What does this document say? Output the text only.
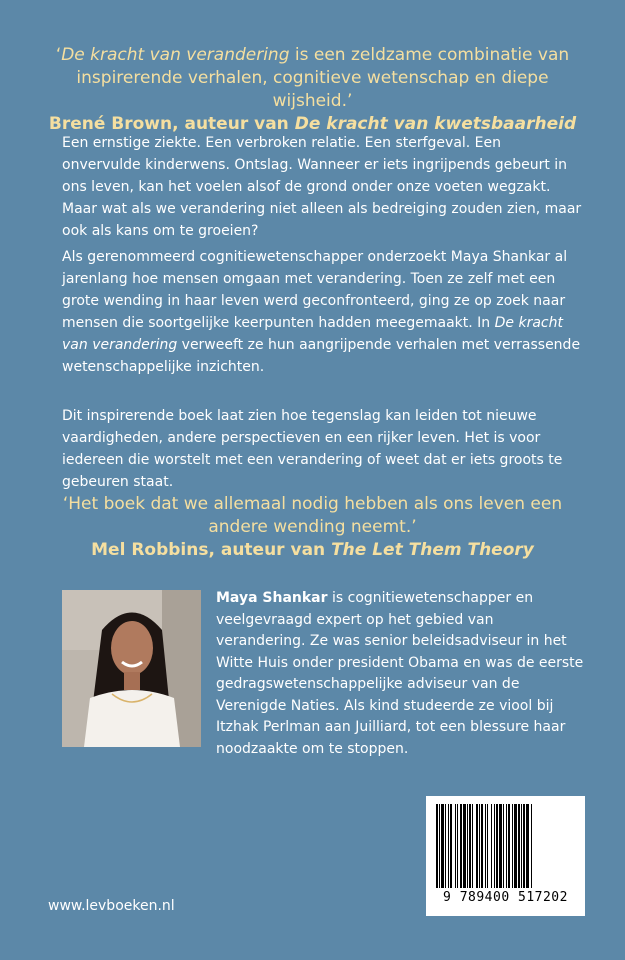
‘De kracht van verandering is een zeldzame combinatie van inspirerende verhalen, cognitieve wetenschap en diepe wijsheid.’
Brené Brown, auteur van De kracht van kwetsbaarheid
Een ernstige ziekte. Een verbroken relatie. Een sterfgeval. Een onvervulde kinderwens. Ontslag. Wanneer er iets ingrijpends gebeurt in ons leven, kan het voelen alsof de grond onder onze voeten wegzakt. Maar wat als we verandering niet alleen als bedreiging zouden zien, maar ook als kans om te groeien?
Als gerenommeerd cognitiewetenschapper onderzoekt Maya Shankar al jarenlang hoe mensen omgaan met verandering. Toen ze zelf met een grote wending in haar leven werd geconfronteerd, ging ze op zoek naar mensen die soortgelijke keerpunten hadden meegemaakt. In De kracht van verandering verweeft ze hun aangrijpende verhalen met verrassende wetenschappelijke inzichten.
Dit inspirerende boek laat zien hoe tegenslag kan leiden tot nieuwe vaardigheden, andere perspectieven en een rijker leven. Het is voor iedereen die worstelt met een verandering of weet dat er iets groots te gebeuren staat.
‘Het boek dat we allemaal nodig hebben als ons leven een andere wending neemt.’
Mel Robbins, auteur van The Let Them Theory
Maya Shankar is cognitiewetenschapper en veelgevraagd expert op het gebied van verandering. Ze was senior beleidsadviseur in het Witte Huis onder president Obama en was de eerste gedragswetenschappelijke adviseur van de Verenigde Naties. Als kind studeerde ze viool bij Itzhak Perlman aan Juilliard, tot een blessure haar noodzaakte om te stoppen.
www.levboeken.nl
9 789400 517202
